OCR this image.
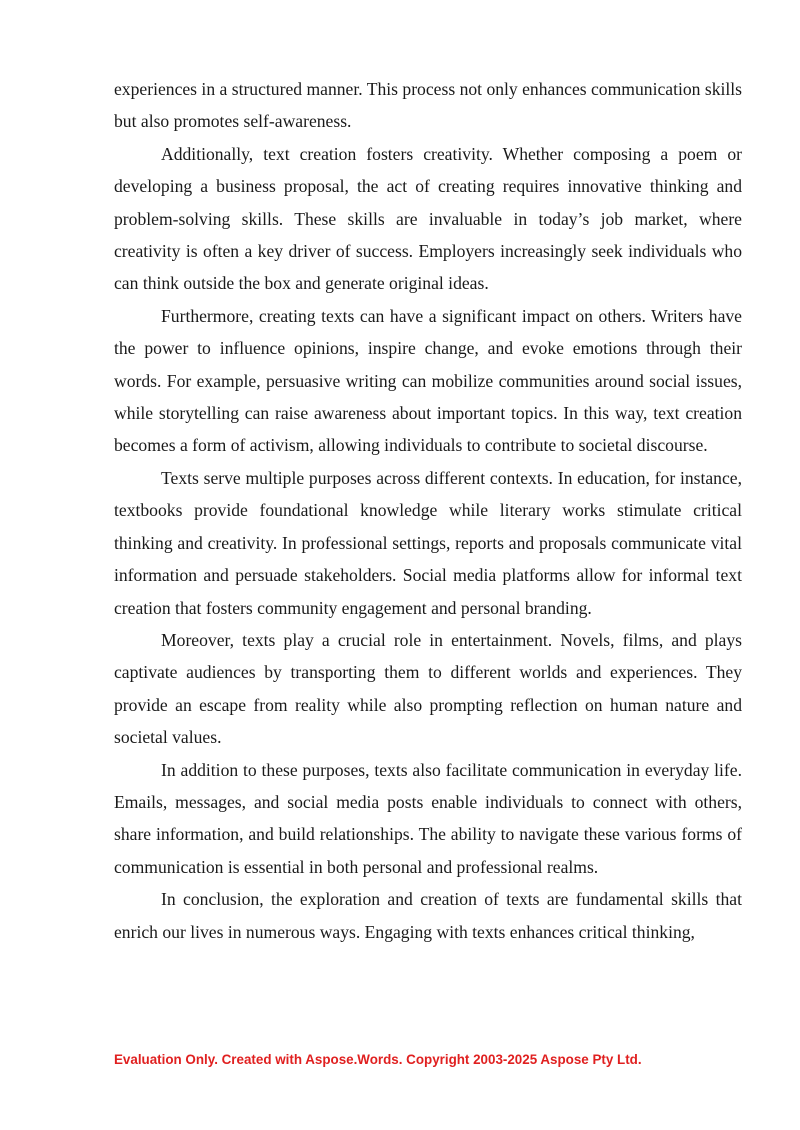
experiences in a structured manner. This process not only enhances communication skills but also promotes self-awareness.

Additionally, text creation fosters creativity. Whether composing a poem or developing a business proposal, the act of creating requires innovative thinking and problem-solving skills. These skills are invaluable in today’s job market, where creativity is often a key driver of success. Employers increasingly seek individuals who can think outside the box and generate original ideas.

Furthermore, creating texts can have a significant impact on others. Writers have the power to influence opinions, inspire change, and evoke emotions through their words. For example, persuasive writing can mobilize communities around social issues, while storytelling can raise awareness about important topics. In this way, text creation becomes a form of activism, allowing individuals to contribute to societal discourse.

Texts serve multiple purposes across different contexts. In education, for instance, textbooks provide foundational knowledge while literary works stimulate critical thinking and creativity. In professional settings, reports and proposals communicate vital information and persuade stakeholders. Social media platforms allow for informal text creation that fosters community engagement and personal branding.

Moreover, texts play a crucial role in entertainment. Novels, films, and plays captivate audiences by transporting them to different worlds and experiences. They provide an escape from reality while also prompting reflection on human nature and societal values.

In addition to these purposes, texts also facilitate communication in everyday life. Emails, messages, and social media posts enable individuals to connect with others, share information, and build relationships. The ability to navigate these various forms of communication is essential in both personal and professional realms.

In conclusion, the exploration and creation of texts are fundamental skills that enrich our lives in numerous ways. Engaging with texts enhances critical thinking,

Evaluation Only. Created with Aspose.Words. Copyright 2003-2025 Aspose Pty Ltd.
